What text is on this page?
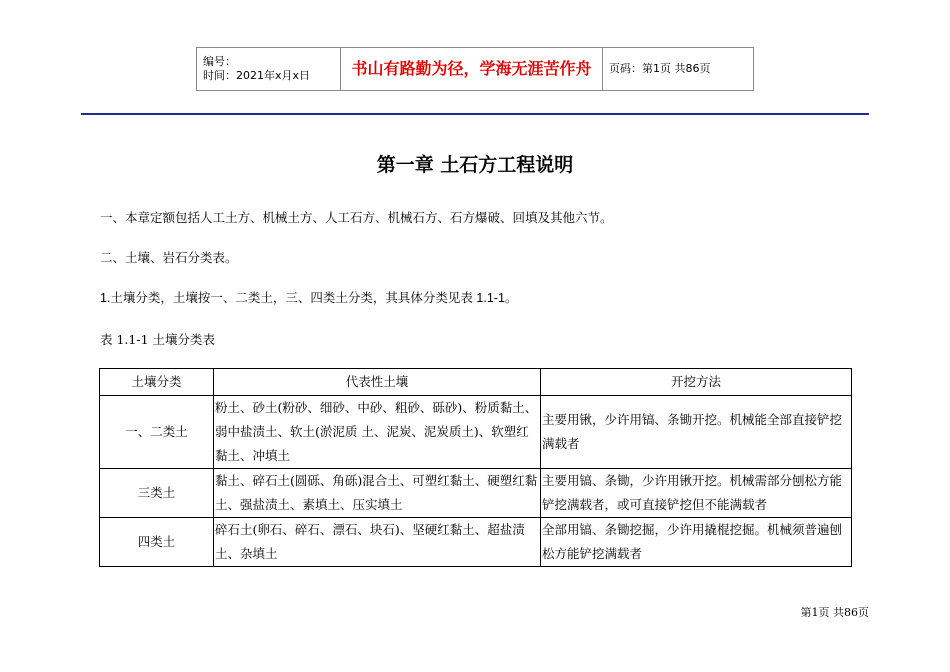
编号：
时间：2021年x月x日	书山有路勤为径，学海无涯苦作舟	页码：第1页 共86页
第一章 土石方工程说明
一、本章定额包括人工土方、机械土方、人工石方、机械石方、石方爆破、回填及其他六节。
二、土壤、岩石分类表。
1.土壤分类，土壤按一、二类土，三、四类土分类，其具体分类见表 1.1-1。
表 1.1-1 土壤分类表
土壤分类	代表性土壤	开挖方法
一、二类土	粉土、砂土(粉砂、细砂、中砂、粗砂、砾砂)、粉质黏土、弱中盐渍土、软土(淤泥质 土、泥炭、泥炭质土)、软塑红黏土、冲填土	主要用锹，少许用镐、条锄开挖。机械能全部直接铲挖满载者
三类土	黏土、碎石土(圆砾、角砾)混合土、可塑红黏土、硬塑红黏土、强盐渍土、素填土、压实填土	主要用镐、条锄，少许用锹开挖。机械需部分刨松方能铲挖满载者，或可直接铲挖但不能满载者
四类土	碎石土(卵石、碎石、漂石、块石)、坚硬红黏土、超盐渍土、杂填土	全部用镐、条锄挖掘，少许用撬棍挖掘。机械须普遍刨松方能铲挖满载者
第1页 共86页
